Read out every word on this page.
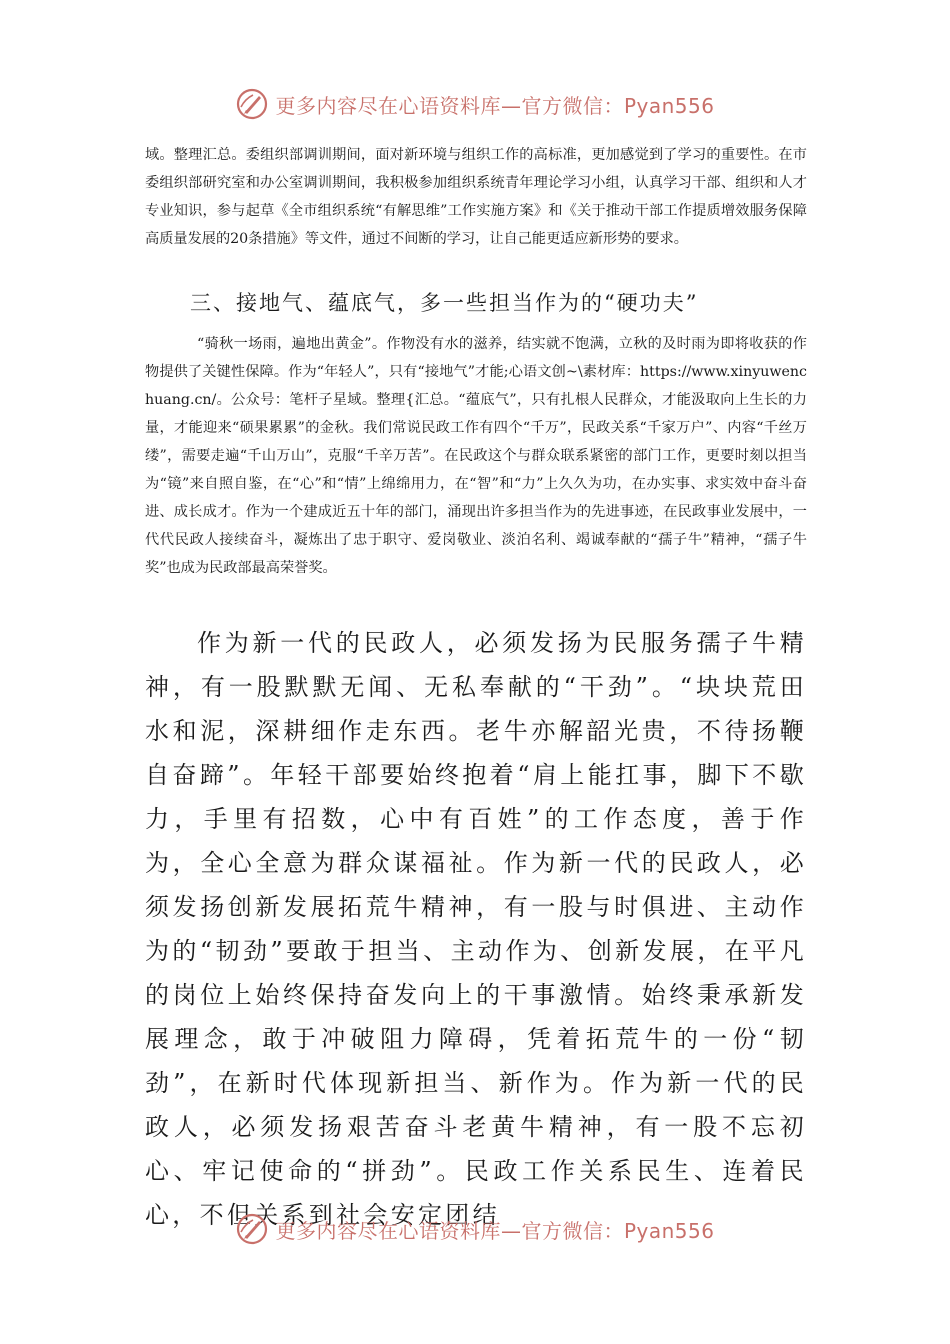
更多内容尽在心语资料库—官方微信：Pyan556

域。整理汇总。委组织部调训期间，面对新环境与组织工作的高标准，更加感觉到了学习的重要性。在市委组织部研究室和办公室调训期间，我积极参加组织系统青年理论学习小组，认真学习干部、组织和人才专业知识，参与起草《全市组织系统“有解思维”工作实施方案》和《关于推动干部工作提质增效服务保障高质量发展的20条措施》等文件，通过不间断的学习，让自己能更适应新形势的要求。

三、接地气、蕴底气，多一些担当作为的“硬功夫”

“骑秋一场雨，遍地出黄金”。作物没有水的滋养，结实就不饱满，立秋的及时雨为即将收获的作物提供了关键性保障。作为“年轻人”，只有“接地气”才能;心语文创~\素材库：https://www.xinyuwenchuang.cn/。公众号：笔杆子星域。整理{汇总。“蕴底气”，只有扎根人民群众，才能汲取向上生长的力量，才能迎来“硕果累累”的金秋。我们常说民政工作有四个“千万”，民政关系“千家万户”、内容“千丝万缕”，需要走遍“千山万山”，克服“千辛万苦”。在民政这个与群众联系紧密的部门工作，更要时刻以担当为“镜”来自照自鉴，在“心”和“情”上绵绵用力，在“智”和“力”上久久为功，在办实事、求实效中奋斗奋进、成长成才。作为一个建成近五十年的部门，涌现出许多担当作为的先进事迹，在民政事业发展中，一代代民政人接续奋斗，凝炼出了忠于职守、爱岗敬业、淡泊名利、竭诚奉献的“孺子牛”精神，“孺子牛奖”也成为民政部最高荣誉奖。

作为新一代的民政人，必须发扬为民服务孺子牛精神，有一股默默无闻、无私奉献的“干劲”。“块块荒田水和泥，深耕细作走东西。老牛亦解韶光贵，不待扬鞭自奋蹄”。年轻干部要始终抱着“肩上能扛事，脚下不歇力，手里有招数，心中有百姓”的工作态度，善于作为，全心全意为群众谋福祉。作为新一代的民政人，必须发扬创新发展拓荒牛精神，有一股与时俱进、主动作为的“韧劲”要敢于担当、主动作为、创新发展，在平凡的岗位上始终保持奋发向上的干事激情。始终秉承新发展理念，敢于冲破阻力障碍，凭着拓荒牛的一份“韧劲”，在新时代体现新担当、新作为。作为新一代的民政人，必须发扬艰苦奋斗老黄牛精神，有一股不忘初心、牢记使命的“拼劲”。民政工作关系民生、连着民心，不但关系到社会安定团结

更多内容尽在心语资料库—官方微信：Pyan556
